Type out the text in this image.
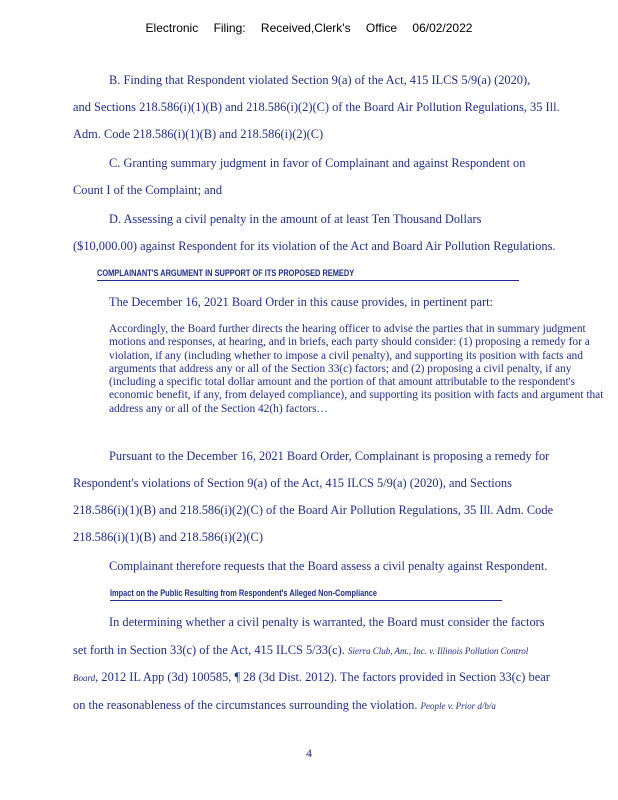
Electronic Filing: Received,Clerk's Office 06/02/2022
B. Finding that Respondent violated Section 9(a) of the Act, 415 ILCS 5/9(a) (2020),
and Sections 218.586(i)(1)(B) and 218.586(i)(2)(C) of the Board Air Pollution Regulations, 35 Ill.
Adm. Code 218.586(i)(1)(B) and 218.586(i)(2)(C)
C. Granting summary judgment in favor of Complainant and against Respondent on
Count I of the Complaint; and
D. Assessing a civil penalty in the amount of at least Ten Thousand Dollars
($10,000.00) against Respondent for its violation of the Act and Board Air Pollution Regulations.
COMPLAINANT'S ARGUMENT IN SUPPORT OF ITS PROPOSED REMEDY
The December 16, 2021 Board Order in this cause provides, in pertinent part:

Accordingly, the Board further directs the hearing officer to advise the parties that in summary judgment motions and responses, at hearing, and in briefs, each party should consider: (1) proposing a remedy for a violation, if any (including whether to impose a civil penalty), and supporting its position with facts and arguments that address any or all of the Section 33(c) factors; and (2) proposing a civil penalty, if any (including a specific total dollar amount and the portion of that amount attributable to the respondent's economic benefit, if any, from delayed compliance), and supporting its position with facts and argument that address any or all of the Section 42(h) factors…

Pursuant to the December 16, 2021 Board Order, Complainant is proposing a remedy for
Respondent's violations of Section 9(a) of the Act, 415 ILCS 5/9(a) (2020), and Sections
218.586(i)(1)(B) and 218.586(i)(2)(C) of the Board Air Pollution Regulations, 35 Ill. Adm. Code
218.586(i)(1)(B) and 218.586(i)(2)(C)
Complainant therefore requests that the Board assess a civil penalty against Respondent.
Impact on the Public Resulting from Respondent's Alleged Non-Compliance
In determining whether a civil penalty is warranted, the Board must consider the factors
set forth in Section 33(c) of the Act, 415 ILCS 5/33(c). Sierra Club, Am., Inc. v. Illinois Pollution Control
Board, 2012 IL App (3d) 100585, ¶ 28 (3d Dist. 2012). The factors provided in Section 33(c) bear
on the reasonableness of the circumstances surrounding the violation. People v. Prior d/b/a
4
